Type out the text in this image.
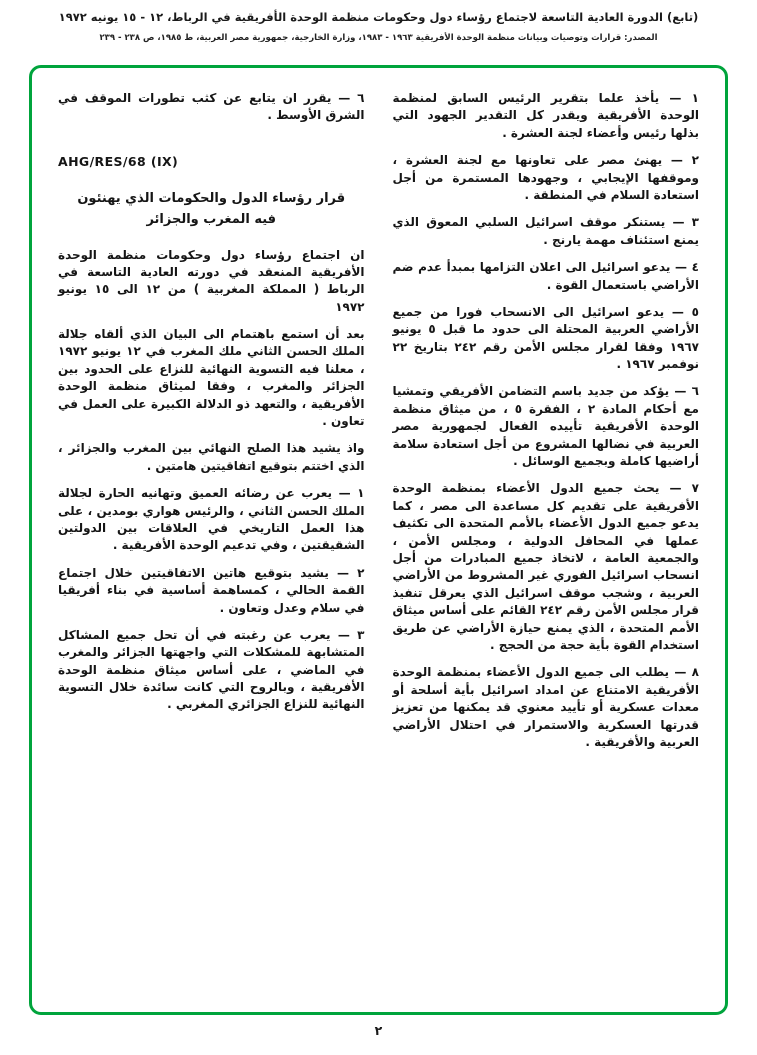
(تابع) الدورة العادية التاسعة لاجتماع رؤساء دول وحكومات منظمة الوحدة الأفريقية في الرباط، ١٢ - ١٥ يونيه ١٩٧٢
المصدر: قرارات وتوصيات وبيانات منظمة الوحدة الأفريقية ١٩٦٣ - ١٩٨٣، وزارة الخارجية، جمهورية مصر العربية، ط ١٩٨٥، ص ٢٣٨ - ٢٣٩

١ — يأخذ علما بتقرير الرئيس السابق لمنظمة الوحدة الأفريقية ويقدر كل التقدير الجهود التي بذلها رئيس وأعضاء لجنة العشرة .

٢ — يهنئ مصر على تعاونها مع لجنة العشرة ، وموقفها الإيجابي ، وجهودها المستمرة من أجل استعادة السلام في المنطقة .

٣ — يستنكر موقف اسرائيل السلبي المعوق الذي يمنع استئناف مهمة يارنج .

٤ — يدعو اسرائيل الى اعلان التزامها بمبدأ عدم ضم الأراضي باستعمال القوة .

٥ — يدعو اسرائيل الى الانسحاب فورا من جميع الأراضي العربية المحتلة الى حدود ما قبل ٥ يونيو ١٩٦٧ وفقا لقرار مجلس الأمن رقم ٢٤٢ بتاريخ ٢٢ نوفمبر ١٩٦٧ .

٦ — يؤكد من جديد باسم التضامن الأفريقي وتمشيا مع أحكام المادة ٢ ، الفقرة ٥ ، من ميثاق منظمة الوحدة الأفريقية تأييده الفعال لجمهورية مصر العربية في نضالها المشروع من أجل استعادة سلامة أراضيها كاملة وبجميع الوسائل .

٧ — يحث جميع الدول الأعضاء بمنظمة الوحدة الأفريقية على تقديم كل مساعدة الى مصر ، كما يدعو جميع الدول الأعضاء بالأمم المتحدة الى تكثيف عملها في المحافل الدولية ، ومجلس الأمن ، والجمعية العامة ، لاتخاذ جميع المبادرات من أجل انسحاب اسرائيل الفوري غير المشروط من الأراضي العربية ، وشجب موقف اسرائيل الذي يعرقل تنفيذ قرار مجلس الأمن رقم ٢٤٢ القائم على أساس ميثاق الأمم المتحدة ، الذي يمنع حيازة الأراضي عن طريق استخدام القوة بأية حجة من الحجج .

٨ — يطلب الى جميع الدول الأعضاء بمنظمة الوحدة الأفريقية الامتناع عن امداد اسرائيل بأية أسلحة أو معدات عسكرية أو تأييد معنوي قد يمكنها من تعزيز قدرتها العسكرية والاستمرار في احتلال الأراضي العربية والأفريقية .

٦ — يقرر ان يتابع عن كثب تطورات الموقف في الشرق الأوسط .

AHG/RES/68 (IX)
قرار رؤساء الدول والحكومات الذي يهنئون
فيه المغرب والجزائر

ان اجتماع رؤساء دول وحكومات منظمة الوحدة الأفريقية المنعقد في دورته العادية التاسعة في الرباط ( المملكة المغربية ) من ١٢ الى ١٥ يونيو ١٩٧٢

بعد أن استمع باهتمام الى البيان الذي ألقاه جلالة الملك الحسن الثاني ملك المغرب في ١٢ يونيو ١٩٧٢ ، معلنا فيه التسوية النهائية للنزاع على الحدود بين الجزائر والمغرب ، وفقا لميثاق منظمة الوحدة الأفريقية ، والتعهد ذو الدلالة الكبيرة على العمل في تعاون .

واذ يشيد هذا الصلح النهائي بين المغرب والجزائر ، الذي اختتم بتوقيع اتفاقيتين هامتين .

١ — يعرب عن رضائه العميق وتهانيه الحارة لجلالة الملك الحسن الثاني ، والرئيس هواري بومدين ، على هذا العمل التاريخي في العلاقات بين الدولتين الشقيقتين ، وفي تدعيم الوحدة الأفريقية .

٢ — يشيد بتوقيع هاتين الاتفاقيتين خلال اجتماع القمة الحالي ، كمساهمة أساسية في بناء أفريقيا في سلام وعدل وتعاون .

٣ — يعرب عن رغبته في أن تحل جميع المشاكل المتشابهة للمشكلات التي واجهتها الجزائر والمغرب في الماضي ، على أساس ميثاق منظمة الوحدة الأفريقية ، وبالروح التي كانت سائدة خلال التسوية النهائية للنزاع الجزائري المغربي .

٢
